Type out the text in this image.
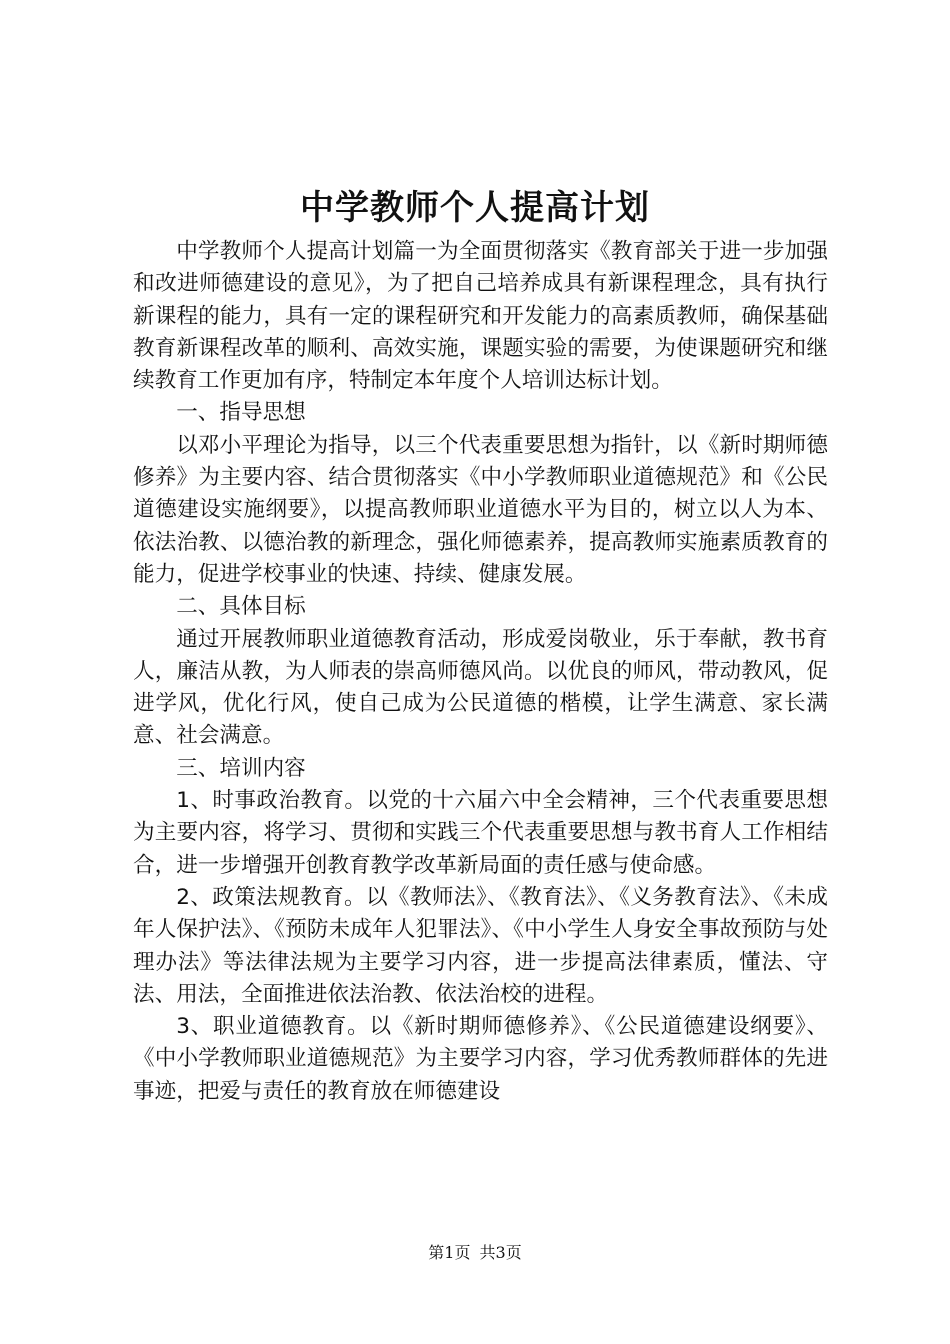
中学教师个人提高计划

中学教师个人提高计划篇一为全面贯彻落实《教育部关于进一步加强和改进师德建设的意见》，为了把自己培养成具有新课程理念，具有执行新课程的能力，具有一定的课程研究和开发能力的高素质教师，确保基础教育新课程改革的顺利、高效实施，课题实验的需要，为使课题研究和继续教育工作更加有序，特制定本年度个人培训达标计划。

一、指导思想

以邓小平理论为指导，以三个代表重要思想为指针，以《新时期师德修养》为主要内容、结合贯彻落实《中小学教师职业道德规范》和《公民道德建设实施纲要》，以提高教师职业道德水平为目的，树立以人为本、依法治教、以德治教的新理念，强化师德素养，提高教师实施素质教育的能力，促进学校事业的快速、持续、健康发展。

二、具体目标

通过开展教师职业道德教育活动，形成爱岗敬业，乐于奉献，教书育人，廉洁从教，为人师表的崇高师德风尚。以优良的师风，带动教风，促进学风，优化行风，使自己成为公民道德的楷模，让学生满意、家长满意、社会满意。

三、培训内容

1、时事政治教育。以党的十六届六中全会精神，三个代表重要思想为主要内容，将学习、贯彻和实践三个代表重要思想与教书育人工作相结合，进一步增强开创教育教学改革新局面的责任感与使命感。

2、政策法规教育。以《教师法》、《教育法》、《义务教育法》、《未成年人保护法》、《预防未成年人犯罪法》、《中小学生人身安全事故预防与处理办法》等法律法规为主要学习内容，进一步提高法律素质，懂法、守法、用法，全面推进依法治教、依法治校的进程。

3、职业道德教育。以《新时期师德修养》、《公民道德建设纲要》、《中小学教师职业道德规范》为主要学习内容，学习优秀教师群体的先进事迹，把爱与责任的教育放在师德建设

第1页 共3页
